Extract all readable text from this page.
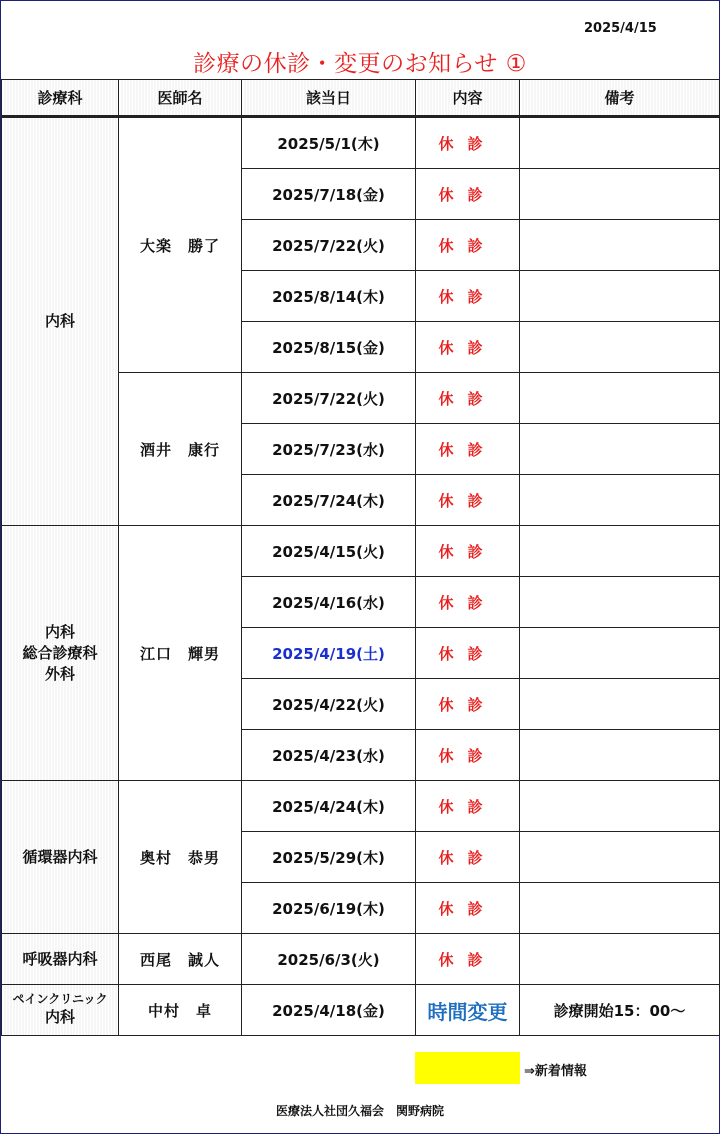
2025/4/15
診療の休診・変更のお知らせ ①
診療科	医師名	該当日	内容	備考
内科	大楽　勝了	2025/5/1(木)	休診	
		2025/7/18(金)	休診	
		2025/7/22(火)	休診	
		2025/8/14(木)	休診	
		2025/8/15(金)	休診	
	酒井　康行	2025/7/22(火)	休診	
		2025/7/23(水)	休診	
		2025/7/24(木)	休診	

内科
総合診療科
外科	江口　輝男	2025/4/15(火)	休診	
		2025/4/16(水)	休診	
		2025/4/19(土)	休診	
		2025/4/22(火)	休診	
		2025/4/23(水)	休診	
循環器内科	奥村　恭男	2025/4/24(木)	休診	
		2025/5/29(木)	休診	
		2025/6/19(木)	休診	
呼吸器内科	西尾　誠人	2025/6/3(火)	休診	

ペインクリニック
内科	中村　卓	2025/4/18(金)	時間変更	診療開始15：00～
⇒新着情報
医療法人社団久福会　関野病院
